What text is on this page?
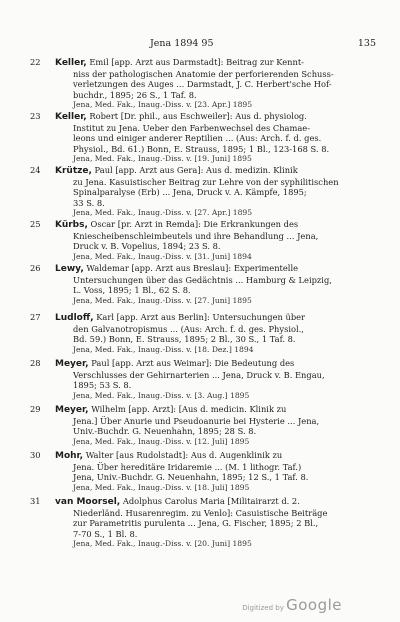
Jena 1894 95	135
22	Keller, Emil [app. Arzt aus Darmstadt]: Beitrag zur Kennt-
niss der pathologischen Anatomie der perforierenden Schuss-
verletzungen des Auges ... Darmstadt, J. C. Herbert'sche Hof-
buchdr., 1895; 26 S., 1 Taf. 8.
Jena, Med. Fak., Inaug.-Diss. v. [23. Apr.] 1895
23	Keller, Robert [Dr. phil., aus Eschweiler]: Aus d. physiolog.
Institut zu Jena. Ueber den Farbenwechsel des Chamae-
leons und einiger anderer Reptilien ... (Aus: Arch. f. d. ges.
Physiol., Bd. 61.) Bonn, E. Strauss, 1895; 1 Bl., 123-168 S. 8.
Jena, Med. Fak., Inaug.-Diss. v. [19. Juni] 1895
24	Krütze, Paul [app. Arzt aus Gera]: Aus d. medizin. Klinik
zu Jena. Kasuistischer Beitrag zur Lehre von der syphilitischen
Spinalparalyse (Erb) ... Jena, Druck v. A. Kämpfe, 1895;
33 S. 8.
Jena, Med. Fak., Inaug.-Diss. v. [27. Apr.] 1895
25	Kürbs, Oscar [pr. Arzt in Remda]: Die Erkrankungen des
Kniescheibenschleimbeutels und ihre Behandlung ... Jena,
Druck v. B. Vopelius, 1894; 23 S. 8.
Jena, Med. Fak., Inaug.-Diss. v. [31. Juni] 1894
26	Lewy, Waldemar [app. Arzt aus Breslau]: Experimentelle
Untersuchungen über das Gedächtnis ... Hamburg & Leipzig,
L. Voss, 1895; 1 Bl., 62 S. 8.
Jena, Med. Fak., Inaug.-Diss. v. [27. Juni] 1895
27	Ludloff, Karl [app. Arzt aus Berlin]: Untersuchungen über
den Galvanotropismus ... (Aus: Arch. f. d. ges. Physiol.,
Bd. 59.) Bonn, E. Strauss, 1895; 2 Bl., 30 S., 1 Taf. 8.
Jena, Med. Fak., Inaug.-Diss. v. [18. Dez.] 1894
28	Meyer, Paul [app. Arzt aus Weimar]: Die Bedeutung des
Verschlusses der Gehirnarterien ... Jena, Druck v. B. Engau,
1895; 53 S. 8.
Jena, Med. Fak., Inaug.-Diss. v. [3. Aug.] 1895
29	Meyer, Wilhelm [app. Arzt]: [Aus d. medicin. Klinik zu
Jena.] Über Anurie und Pseudoanurie bei Hysterie ... Jena,
Univ.-Buchdr. G. Neuenhahn, 1895; 28 S. 8.
Jena, Med. Fak., Inaug.-Diss. v. [12. Juli] 1895
30	Mohr, Walter [aus Rudolstadt]: Aus d. Augenklinik zu
Jena. Über hereditäre Iridaremie ... (M. 1 lithogr. Taf.)
Jena, Univ.-Buchdr. G. Neuenhahn, 1895; 12 S., 1 Taf. 8.
Jena, Med. Fak., Inaug.-Diss. v. [18. Juli] 1895
31	van Moorsel, Adolphus Carolus Maria [Militairarzt d. 2.
Niederländ. Husarenregim. zu Venlo]: Casuistische Beiträge
zur Parametritis purulenta ... Jena, G. Fischer, 1895; 2 Bl.,
7-70 S., 1 Bl. 8.
Jena, Med. Fak., Inaug.-Diss. v. [20. Juni] 1895
Digitized by Google
